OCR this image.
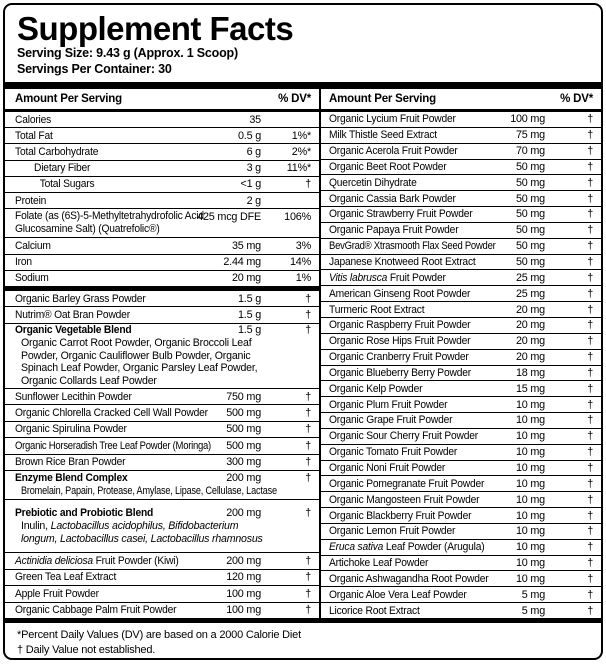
Supplement Facts
Serving Size: 9.43 g (Approx. 1 Scoop)
Servings Per Container: 30
Amount Per Serving	% DV*
Calories	35
Total Fat	0.5 g	1%*
Total Carbohydrate	6 g	2%*
Dietary Fiber	3 g 11%*
Total Sugars	<1 g	†
Protein	2 g
Folate (as (6S)-5-Methyltetrahydrofolic Acid Glucosamine Salt) (Quatrefolic®)
425 mcg DFE 106%
Calcium	35 mg	3%
Iron	2.44 mg	14%
Sodium	20 mg	1%
Organic Barley Grass Powder	1.5 g	†
Nutrim® Oat Bran Powder	1.5 g	†
Organic Vegetable Blend	1.5 g	†
Organic Carrot Root Powder, Organic Broccoli Leaf Powder, Organic Cauliflower Bulb Powder, Organic Spinach Leaf Powder, Organic Parsley Leaf Powder, Organic Collards Leaf Powder
Sunflower Lecithin Powder	750 mg	†
Organic Chlorella Cracked Cell Wall Powder 500 mg	†
Organic Spirulina Powder	500 mg	†
Organic Horseradish Tree Leaf Powder (Moringa) 500 mg	†
Brown Rice Bran Powder	300 mg	†
Enzyme Blend Complex	200 mg	†
Bromelain, Papain, Protease, Amylase, Lipase, Cellulase, Lactase
Prebiotic and Probiotic Blend	200 mg	†
Inulin, Lactobacillus acidophilus, Bifidobacterium longum, Lactobacillus casei, Lactobacillus rhamnosus
Actinidia deliciosa Fruit Powder (Kiwi)	200 mg	†
Green Tea Leaf Extract	120 mg	†
Apple Fruit Powder	100 mg	†
Organic Cabbage Palm Fruit Powder	100 mg	†
Amount Per Serving	% DV*
Organic Lycium Fruit Powder	100 mg	†
Milk Thistle Seed Extract	75 mg	†
Organic Acerola Fruit Powder	70 mg	†
Organic Beet Root Powder	50 mg	†
Quercetin Dihydrate	50 mg	†
Organic Cassia Bark Powder	50 mg	†
Organic Strawberry Fruit Powder	50 mg	†
Organic Papaya Fruit Powder	50 mg	†
BevGrad® Xtrasmooth Flax Seed Powder 50 mg	†
Japanese Knotweed Root Extract	50 mg	†
Vitis labrusca Fruit Powder	25 mg	†
American Ginseng Root Powder	25 mg	†
Turmeric Root Extract	20 mg	†
Organic Raspberry Fruit Powder	20 mg	†
Organic Rose Hips Fruit Powder	20 mg	†
Organic Cranberry Fruit Powder	20 mg	†
Organic Blueberry Berry Powder	18 mg	†
Organic Kelp Powder	15 mg	†
Organic Plum Fruit Powder	10 mg	†
Organic Grape Fruit Powder	10 mg	†
Organic Sour Cherry Fruit Powder	10 mg	†
Organic Tomato Fruit Powder	10 mg	†
Organic Noni Fruit Powder	10 mg	†
Organic Pomegranate Fruit Powder	10 mg	†
Organic Mangosteen Fruit Powder	10 mg	†
Organic Blackberry Fruit Powder	10 mg	†
Organic Lemon Fruit Powder	10 mg	†
Eruca sativa Leaf Powder (Arugula)	10 mg	†
Artichoke Leaf Powder	10 mg	†
Organic Ashwagandha Root Powder	10 mg	†
Organic Aloe Vera Leaf Powder	5 mg	†
Licorice Root Extract	5 mg	†
*Percent Daily Values (DV) are based on a 2000 Calorie Diet
† Daily Value not established.
